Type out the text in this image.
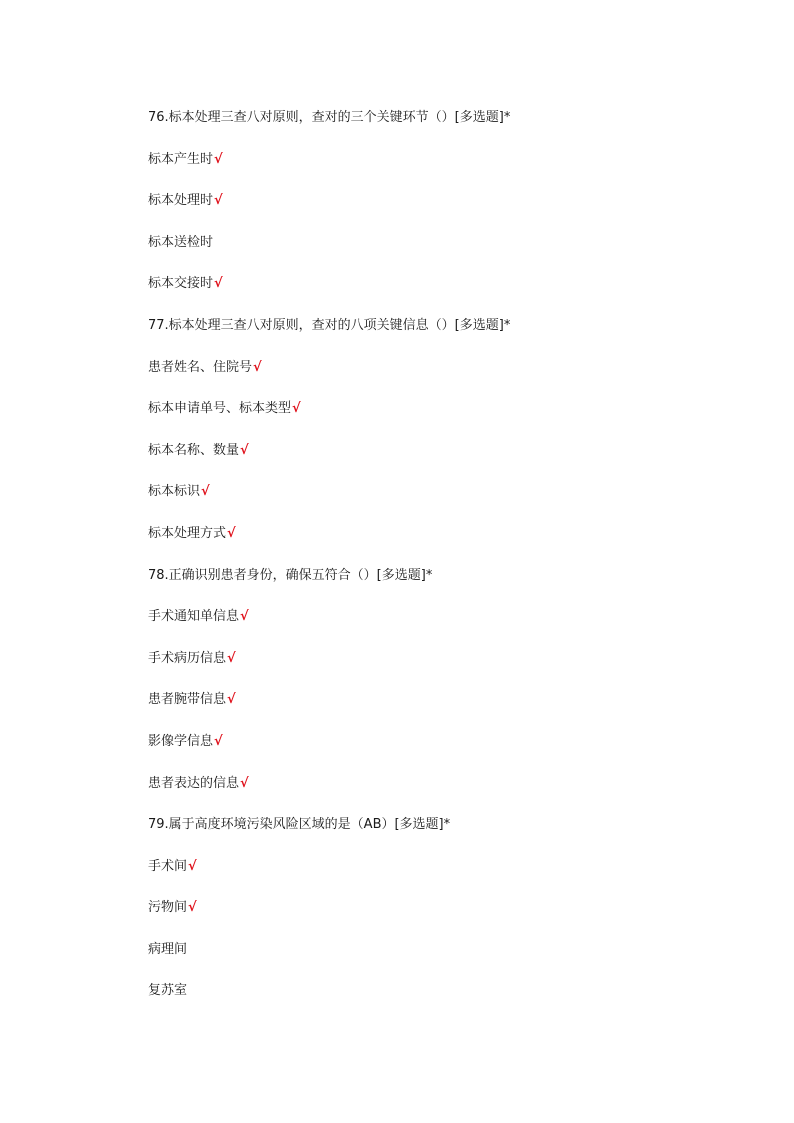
76.标本处理三查八对原则，查对的三个关键环节（）[多选题]*
标本产生时√
标本处理时√
标本送检时
标本交接时√
77.标本处理三查八对原则，查对的八项关键信息（）[多选题]*
患者姓名、住院号√
标本申请单号、标本类型√
标本名称、数量√
标本标识√
标本处理方式√
78.正确识别患者身份，确保五符合（）[多选题]*
手术通知单信息√
手术病历信息√
患者腕带信息√
影像学信息√
患者表达的信息√
79.属于高度环境污染风险区域的是（AB）[多选题]*
手术间√
污物间√
病理间
复苏室
